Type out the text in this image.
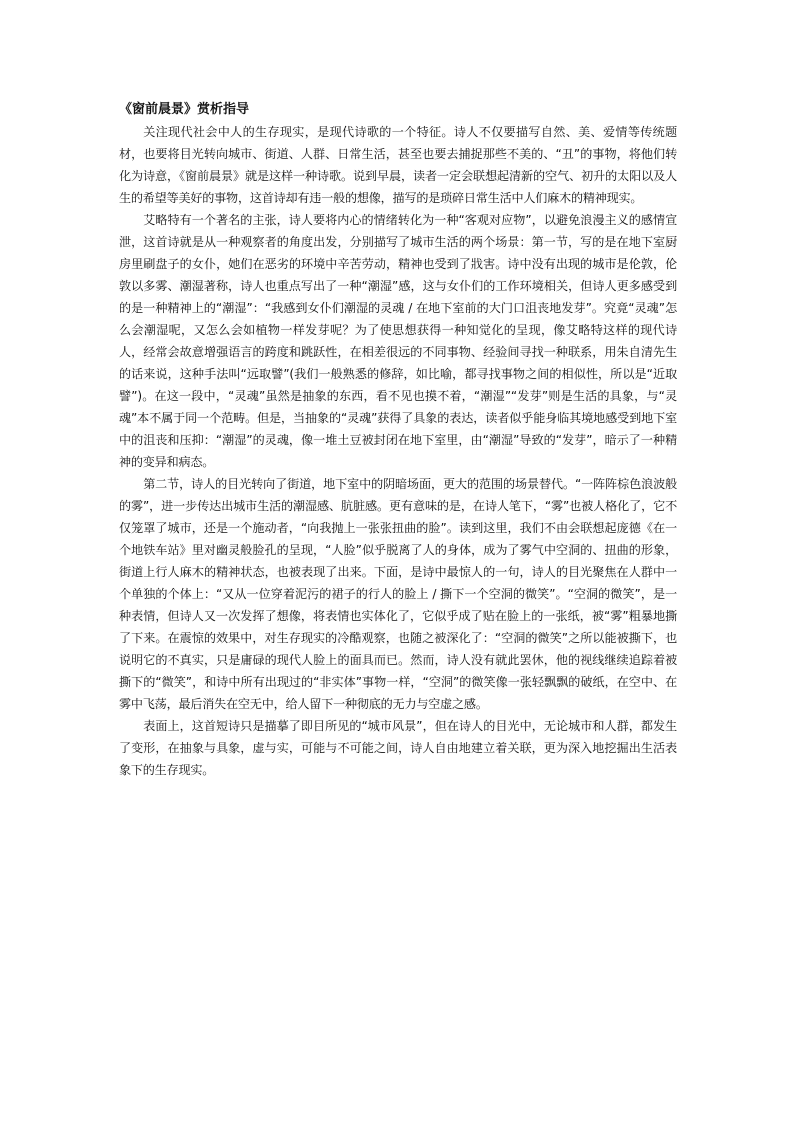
《窗前晨景》赏析指导

关注现代社会中人的生存现实，是现代诗歌的一个特征。诗人不仅要描写自然、美、爱情等传统题材，也要将目光转向城市、街道、人群、日常生活，甚至也要去捕捉那些不美的、“丑”的事物，将他们转化为诗意，《窗前晨景》就是这样一种诗歌。说到早晨，读者一定会联想起清新的空气、初升的太阳以及人生的希望等美好的事物，这首诗却有违一般的想像，描写的是琐碎日常生活中人们麻木的精神现实。

艾略特有一个著名的主张，诗人要将内心的情绪转化为一种“客观对应物”，以避免浪漫主义的感情宣泄，这首诗就是从一种观察者的角度出发，分别描写了城市生活的两个场景：第一节，写的是在地下室厨房里刷盘子的女仆，她们在恶劣的环境中辛苦劳动，精神也受到了戕害。诗中没有出现的城市是伦敦，伦敦以多雾、潮湿著称，诗人也重点写出了一种“潮湿”感，这与女仆们的工作环境相关，但诗人更多感受到的是一种精神上的“潮湿”：“我感到女仆们潮湿的灵魂 / 在地下室前的大门口沮丧地发芽”。究竟“灵魂”怎么会潮湿呢，又怎么会如植物一样发芽呢？为了使思想获得一种知觉化的呈现，像艾略特这样的现代诗人，经常会故意增强语言的跨度和跳跃性，在相差很远的不同事物、经验间寻找一种联系，用朱自清先生的话来说，这种手法叫“远取譬”(我们一般熟悉的修辞，如比喻，都寻找事物之间的相似性，所以是“近取譬”)。在这一段中，“灵魂”虽然是抽象的东西，看不见也摸不着，“潮湿”“发芽”则是生活的具象，与“灵魂”本不属于同一个范畴。但是，当抽象的“灵魂”获得了具象的表达，读者似乎能身临其境地感受到地下室中的沮丧和压抑：“潮湿”的灵魂，像一堆土豆被封闭在地下室里，由“潮湿”导致的“发芽”，暗示了一种精神的变异和病态。

第二节，诗人的目光转向了街道，地下室中的阴暗场面，更大的范围的场景替代。“一阵阵棕色浪波般的雾”，进一步传达出城市生活的潮湿感、肮脏感。更有意味的是，在诗人笔下，“雾”也被人格化了，它不仅笼罩了城市，还是一个施动者，“向我抛上一张张扭曲的脸”。读到这里，我们不由会联想起庞德《在一个地铁车站》里对幽灵般脸孔的呈现，“人脸”似乎脱离了人的身体，成为了雾气中空洞的、扭曲的形象，街道上行人麻木的精神状态，也被表现了出来。下面，是诗中最惊人的一句，诗人的目光聚焦在人群中一个单独的个体上：“又从一位穿着泥污的裙子的行人的脸上 / 撕下一个空洞的微笑”。“空洞的微笑”，是一种表情，但诗人又一次发挥了想像，将表情也实体化了，它似乎成了贴在脸上的一张纸，被“雾”粗暴地撕了下来。在震惊的效果中，对生存现实的冷酷观察，也随之被深化了：“空洞的微笑”之所以能被撕下，也说明它的不真实，只是庸碌的现代人脸上的面具而已。然而，诗人没有就此罢休，他的视线继续追踪着被撕下的“微笑”，和诗中所有出现过的“非实体”事物一样，“空洞”的微笑像一张轻飘飘的破纸，在空中、在雾中飞荡，最后消失在空无中，给人留下一种彻底的无力与空虚之感。

表面上，这首短诗只是描摹了即目所见的“城市风景”，但在诗人的目光中，无论城市和人群，都发生了变形，在抽象与具象，虚与实，可能与不可能之间，诗人自由地建立着关联，更为深入地挖掘出生活表象下的生存现实。
